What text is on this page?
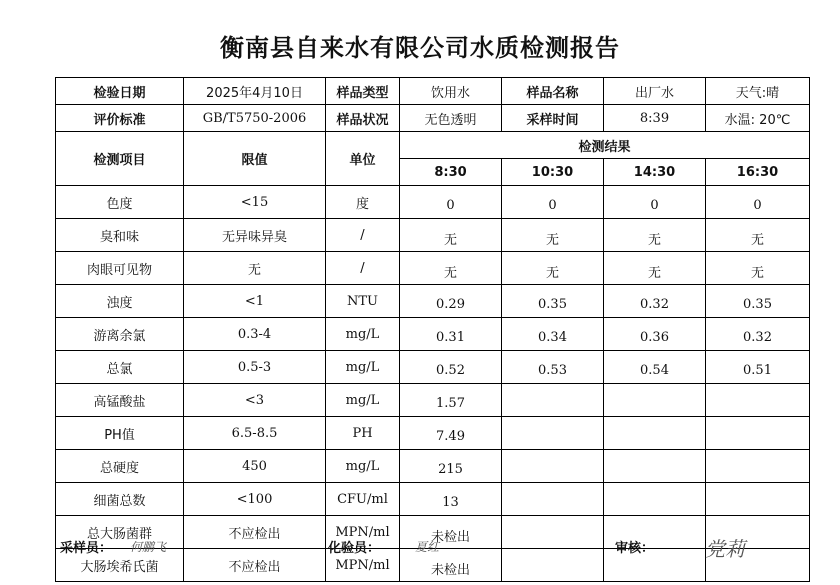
衡南县自来水有限公司水质检测报告
检验日期	2025年4月10日	样品类型	饮用水	样品名称	出厂水	天气:晴
评价标准	GB/T5750-2006	样品状况	无色透明	采样时间	8:39	水温: 20℃
检测项目	限值	单位	检测结果			
			8:30	10:30	14:30	16:30
色度	<15	度	0	0	0	0
臭和味	无异味异臭	/	无	无	无	无
肉眼可见物	无	/	无	无	无	无
浊度	<1	NTU	0.29	0.35	0.32	0.35
游离余氯	0.3-4	mg/L	0.31	0.34	0.36	0.32
总氯	0.5-3	mg/L	0.52	0.53	0.54	0.51
高锰酸盐	<3	mg/L	1.57			
PH值	6.5-8.5	PH	7.49			
总硬度	450	mg/L	215			
细菌总数	<100	CFU/ml	13			
总大肠菌群	不应检出	MPN/ml	未检出			
大肠埃希氏菌	不应检出	MPN/ml	未检出			
采样员： 何鹏飞	化验员：	夏红	审核：	党莉
